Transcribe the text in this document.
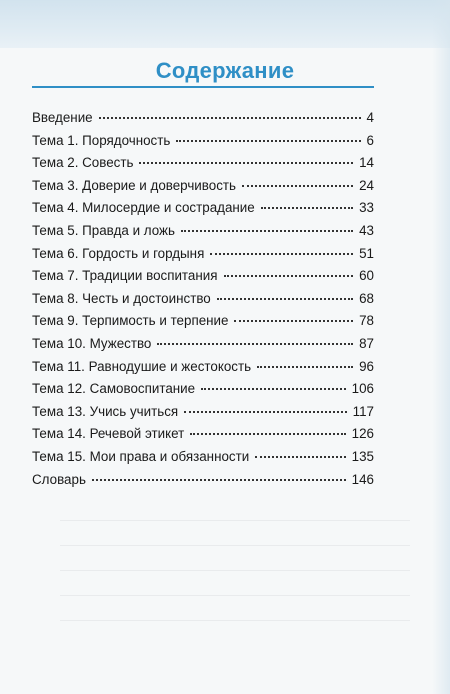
Содержание
Введение	4
Тема 1. Порядочность	6
Тема 2. Совесть	14
Тема 3. Доверие и доверчивость	24
Тема 4. Милосердие и сострадание	33
Тема 5. Правда и ложь	43
Тема 6. Гордость и гордыня	51
Тема 7. Традиции воспитания	60
Тема 8. Честь и достоинство	68
Тема 9. Терпимость и терпение	78
Тема 10. Мужество	87
Тема 11. Равнодушие и жестокость	96
Тема 12. Самовоспитание	106
Тема 13. Учись учиться	117
Тема 14. Речевой этикет	126
Тема 15. Мои права и обязанности	135
Словарь	146
